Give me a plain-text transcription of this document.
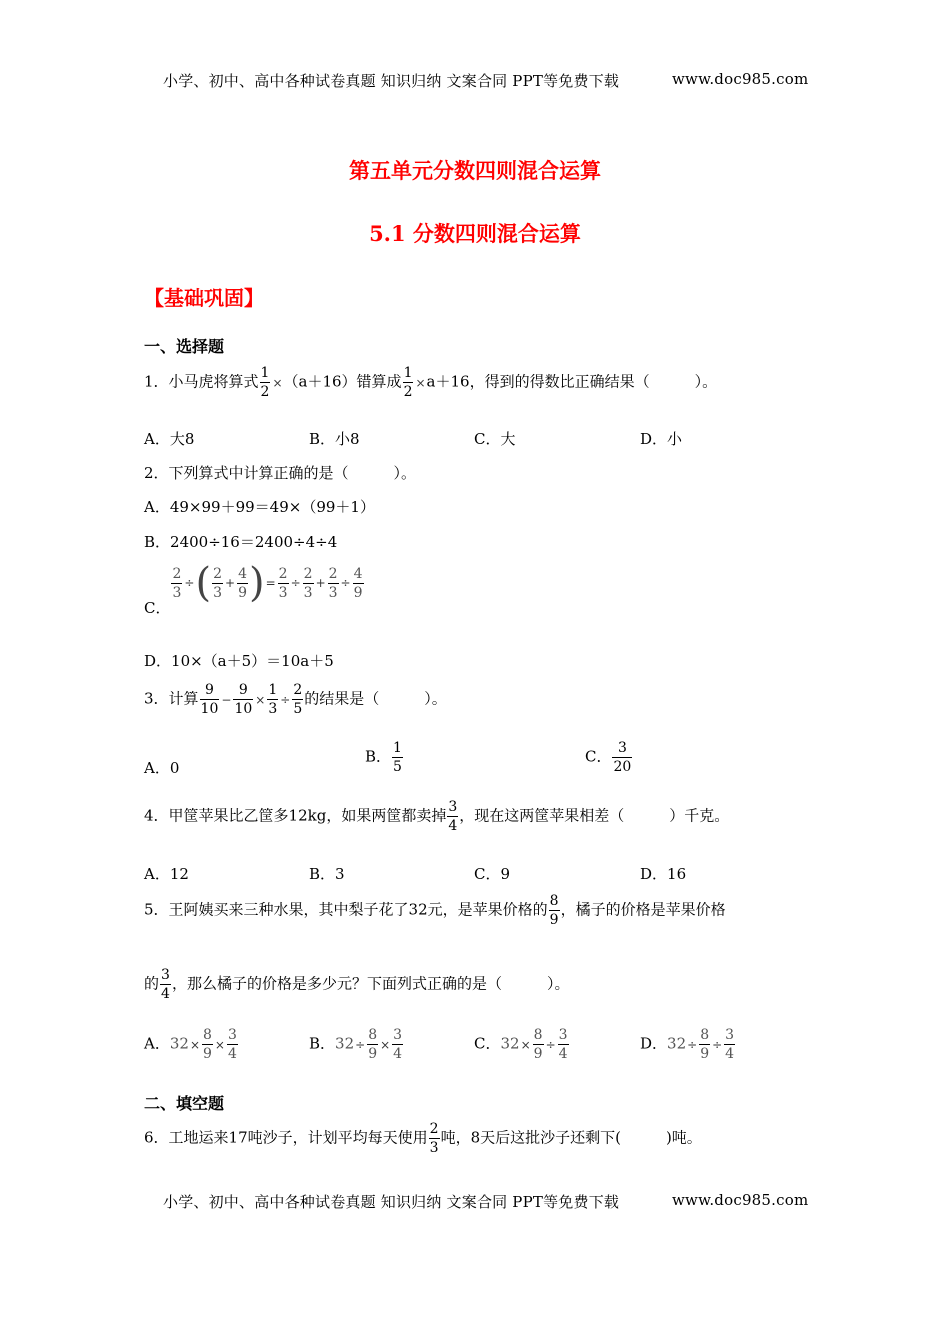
小学、初中、高中各种试卷真题 知识归纳 文案合同 PPT等免费下载	www.doc985.com
第五单元分数四则混合运算
5.1 分数四则混合运算
【基础巩固】
一、选择题
1．小马虎将算式 $\frac{1}{2} \times(a+16)$错算成 $\frac{1}{2} \times a+16$，得到的得数比正确结果（　　　）。
A．大8	B．小8	C．大	D．小
2．下列算式中计算正确的是（　　　）。
A．49×99＋99＝49×（99＋1）
B．2400÷16＝2400÷4÷4
C．
$\frac{2}{3}$ ÷( $\frac{2}{3} + \frac{4}{9}$ )= $\frac{2}{3} \div \frac{2}{3} + \frac{2}{3} \div \frac{4}{9}$
D．10×（a＋5）＝10a＋5
3．计算 $\frac{9}{10} - \frac{9}{10} \times \frac{1}{3} \div \frac{2}{5}$ 的结果是（　　　）。
A．0
B． $\frac{1}{5}$	C． $\frac{3}{20}$
4．甲筐苹果比乙筐多12kg，如果两筐都卖掉 $\frac{3}{4}$ ，现在这两筐苹果相差（　　　）千克。
A．12	B．3	C．9	D．16
5．王阿姨买来三种水果，其中梨子花了32元，是苹果价格的 $\frac{8}{9}$ ，橘子的价格是苹果价格
的 $\frac{3}{4}$ ，那么橘子的价格是多少元？下面列式正确的是（　　　）。
A．$32\times \frac{8}{9} \times \frac{3}{4}$	B．$32\div \frac{8}{9} \times \frac{3}{4}$	C．$32\times \frac{8}{9} \div \frac{3}{4}$	D．$32\div \frac{8}{9} \div \frac{3}{4}$
二、填空题
6．工地运来17吨沙子，计划平均每天使用 $\frac{2}{3}$ 吨，8天后这批沙子还剩下(　　　)吨。
小学、初中、高中各种试卷真题 知识归纳 文案合同 PPT等免费下载	www.doc985.com
